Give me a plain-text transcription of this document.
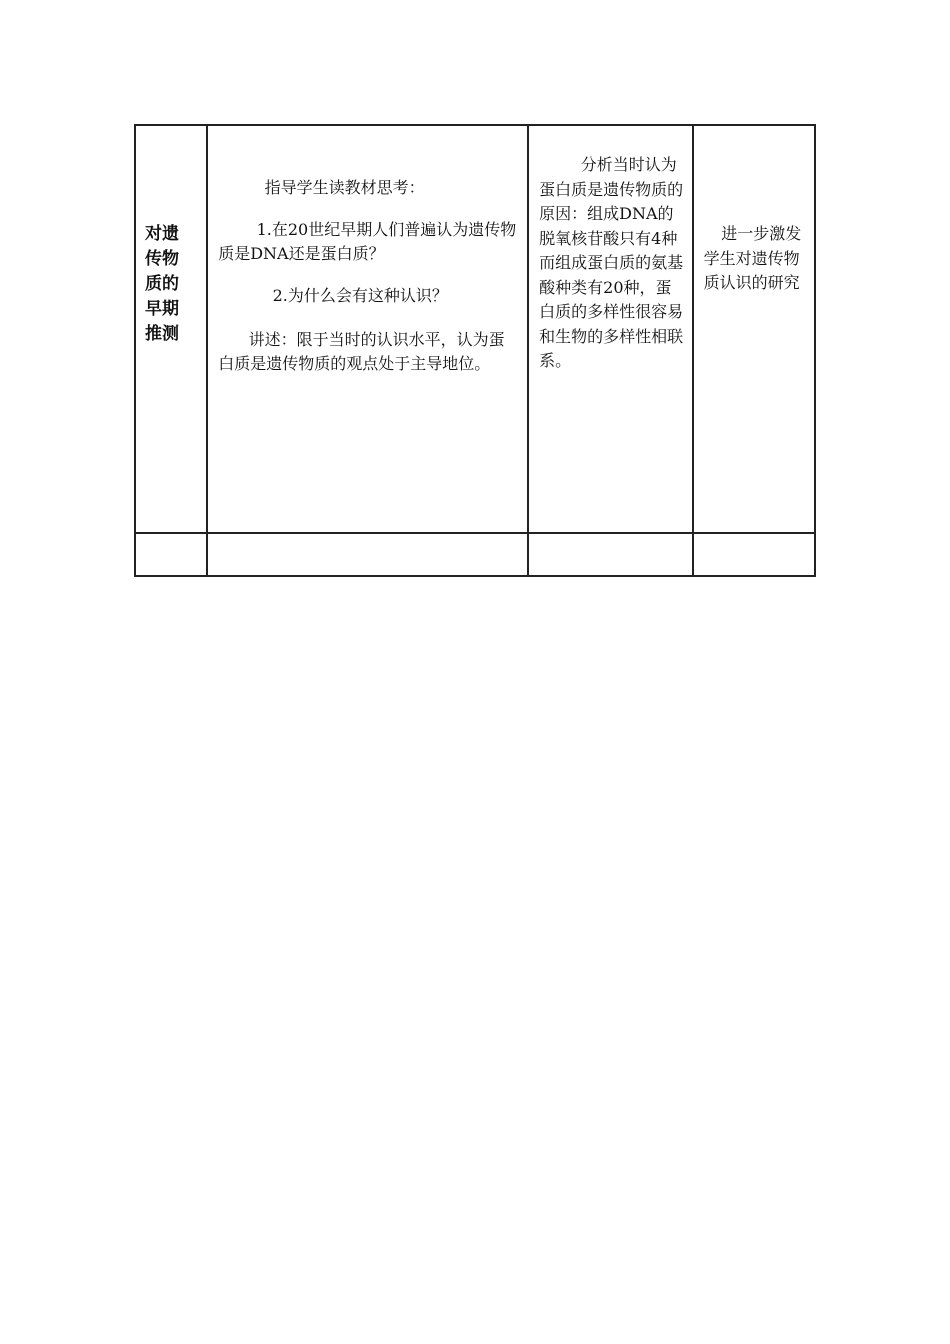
对遗传物质的早期推测	指导学生读教材思考：

1.在20世纪早期人们普遍认为遗传物质是DNA还是蛋白质？

2.为什么会有这种认识？

讲述：限于当时的认识水平，认为蛋白质是遗传物质的观点处于主导地位。	分析当时认为蛋白质是遗传物质的原因：组成DNA的脱氧核苷酸只有4种而组成蛋白质的氨基酸种类有20种，蛋白质的多样性很容易和生物的多样性相联系。	进一步激发学生对遗传物质认识的研究
